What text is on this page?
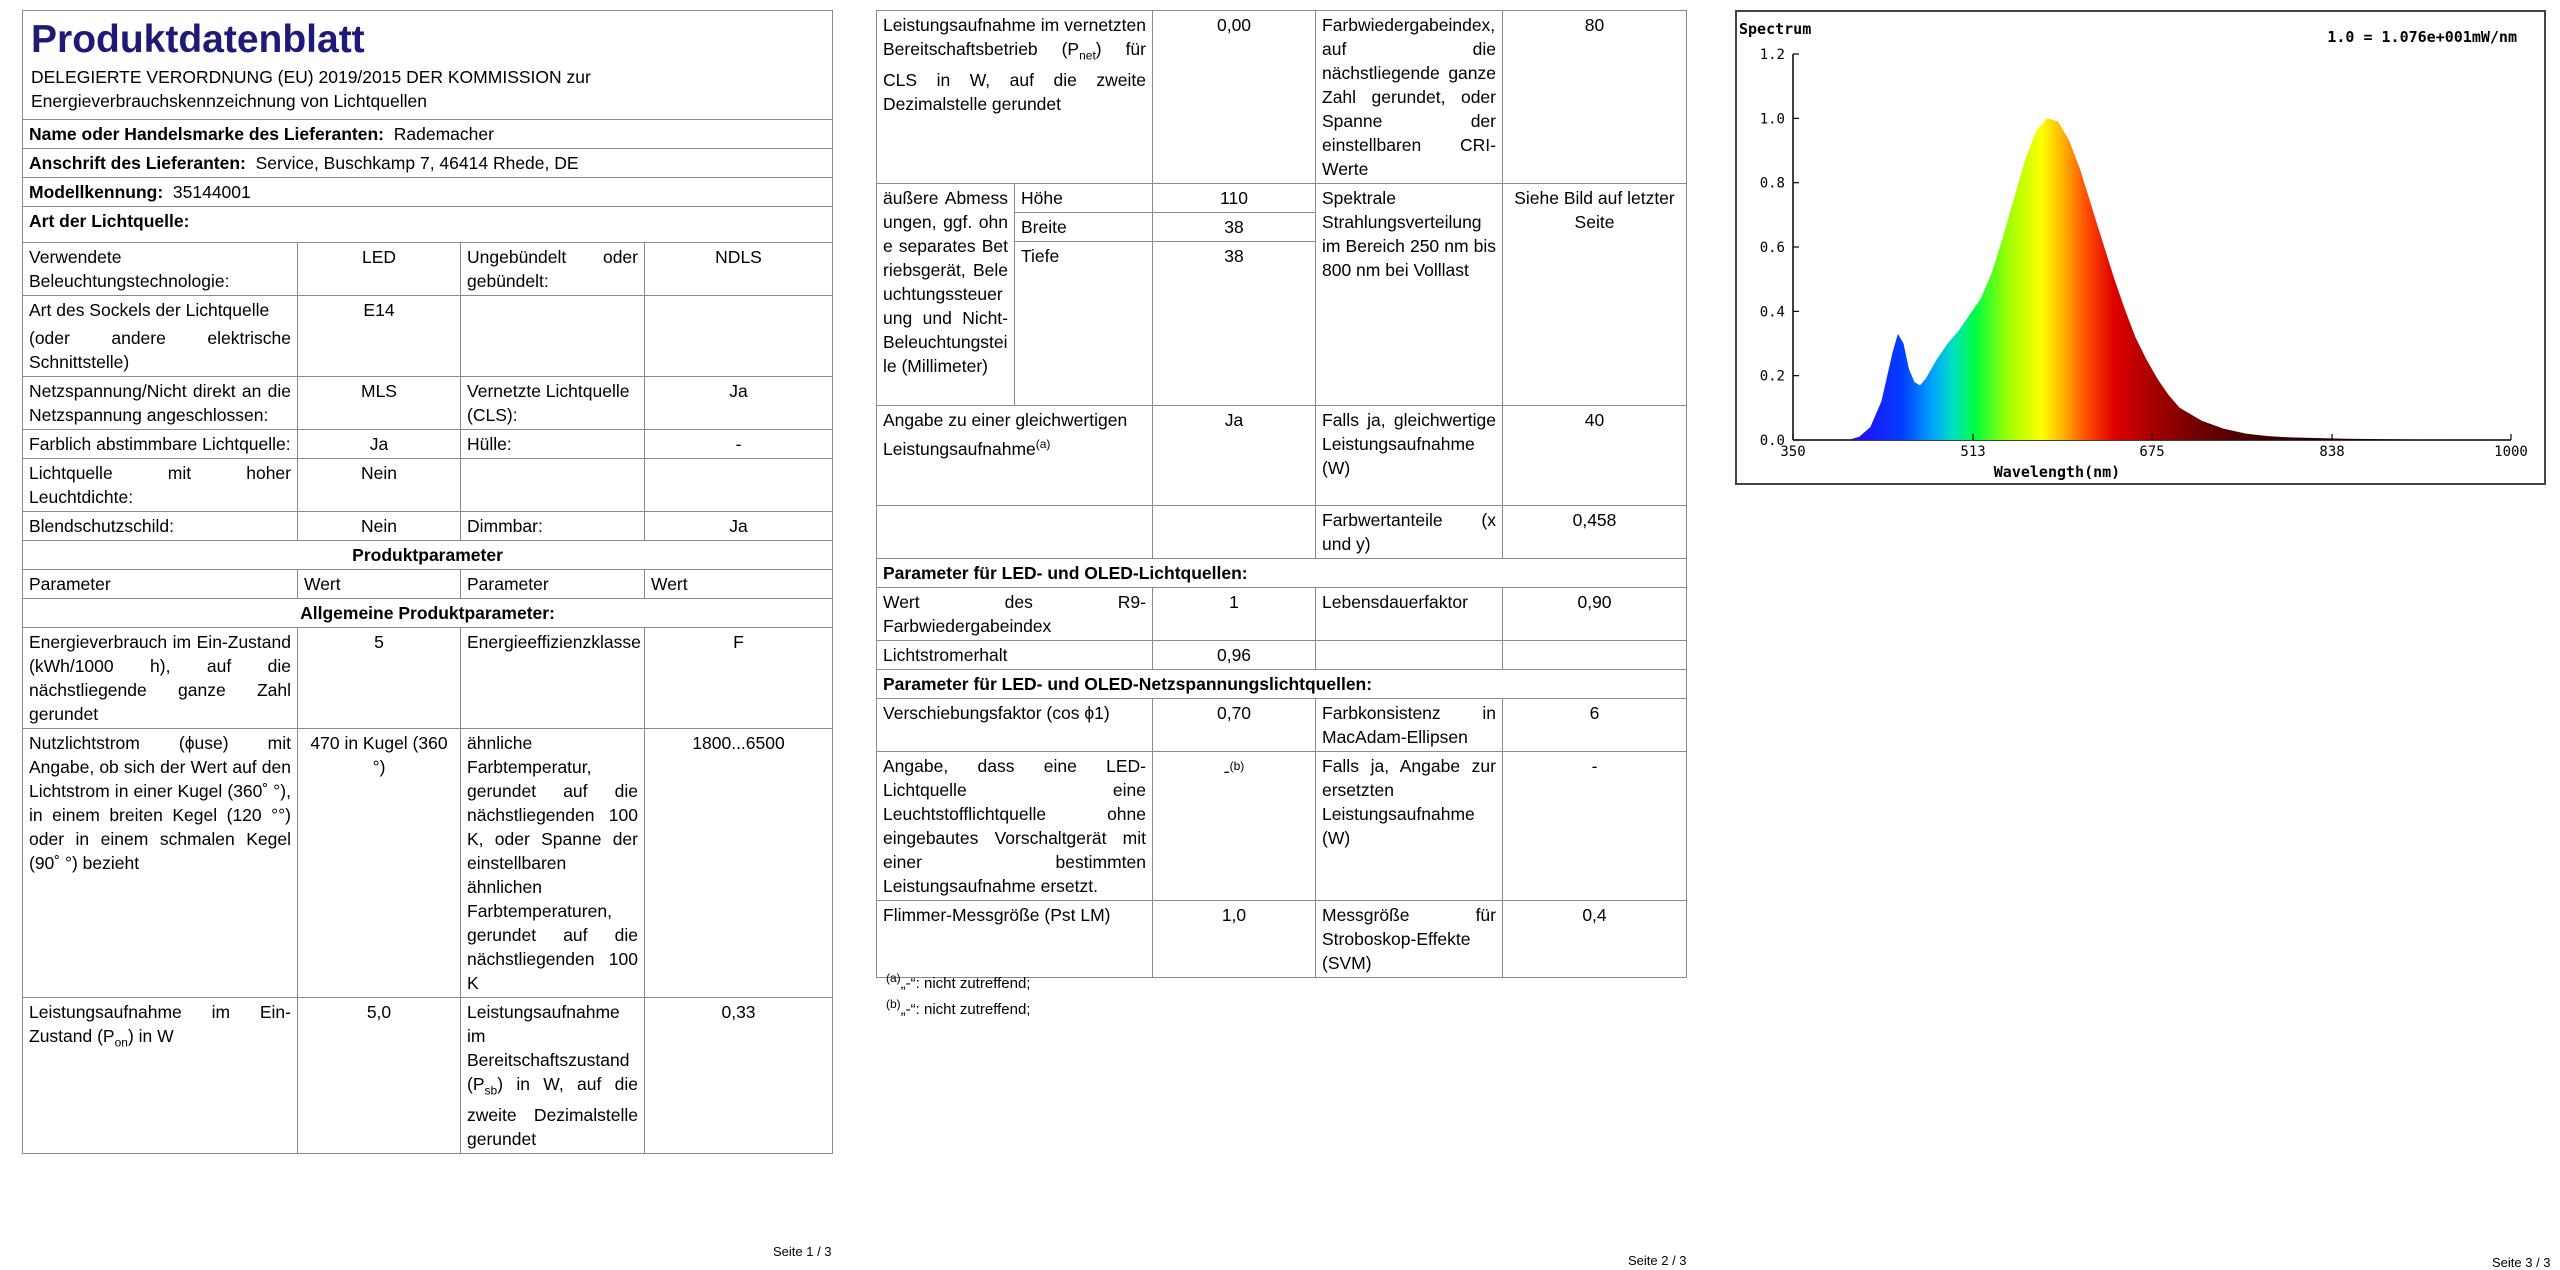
Produktdatenblatt
DELEGIERTE VERORDNUNG (EU) 2019/2015 DER KOMMISSION zur Energieverbrauchskennzeichnung von Lichtquellen			

Name oder Handelsmarke des Lieferanten: Rademacher			
Anschrift des Lieferanten: Service, Buschkamp 7, 46414 Rhede, DE			
Modellkennung: 35144001			
Art der Lichtquelle:			
Verwendete Beleuchtungstechnologie:	LED	Ungebündelt oder gebündelt:	NDLS

Art des Sockels der Lichtquelle
(oder andere elektrische Schnittstelle)	E14		
Netzspannung/Nicht direkt an die Netzspannung angeschlossen:	MLS	Vernetzte Lichtquelle (CLS):	Ja
Farblich abstimmbare Lichtquelle:	Ja	Hülle:	-
Lichtquelle mit hoher Leuchtdichte:	Nein		
Blendschutzschild:	Nein	Dimmbar:	Ja
Produktparameter			
Parameter	Wert	Parameter	Wert
Allgemeine Produktparameter:			
Energieverbrauch im Ein-Zustand (kWh/1000 h), auf die nächstliegende ganze Zahl gerundet	5	Energieeffizienzklasse	F
Nutzlichtstrom (ϕuse) mit Angabe, ob sich der Wert auf den Lichtstrom in einer Kugel (360˚ °), in einem breiten Kegel (120 °°) oder in einem schmalen Kegel (90˚ °) bezieht	470 in Kugel (360 °)	ähnliche Farbtemperatur, gerundet auf die nächstliegenden 100 K, oder Spanne der einstellbaren ähnlichen Farbtemperaturen, gerundet auf die nächstliegenden 100 K	1800...6500
Leistungsaufnahme im Ein-Zustand $(P_{on})$ in W	5,0	Leistungsaufnahme im Bereitschaftszustand $(P_{sb})$ in W, auf die zweite Dezimalstelle gerundet	0,33
Seite 1 / 3
Leistungsaufnahme im vernetzten Bereitschaftsbetrieb $(P_{net})$ für CLS in W, auf die zweite Dezimalstelle gerundet		0,00	Farbwiedergabeindex, auf die nächstliegende ganze Zahl gerundet, oder Spanne der einstellbaren CRI-Werte	80
äußere Abmessungen, ggf. ohne separates Betriebsgerät, Beleuchtungssteuerung und Nicht-Beleuchtungsteile (Millimeter)	Höhe	110	Spektrale Strahlungsverteilung im Bereich 250 nm bis 800 nm bei Volllast	Siehe Bild auf letzter Seite
	Breite	38		
	Tiefe	38		
Angabe zu einer gleichwertigen Leistungsaufnahme$^{(a)}$		Ja	Falls ja, gleichwertige Leistungsaufnahme (W)	40
			Farbwertanteile (x und y)	0,458
Parameter für LED- und OLED-Lichtquellen:				
Wert des R9-Farbwiedergabeindex		1	Lebensdauerfaktor	0,90
Lichtstromerhalt		0,96		
Parameter für LED- und OLED-Netzspannungslichtquellen:				
Verschiebungsfaktor (cos ϕ1)		0,70	Farbkonsistenz in MacAdam-Ellipsen	6
Angabe, dass eine LED-Lichtquelle eine Leuchtstofflichtquelle ohne eingebautes Vorschaltgerät mit einer bestimmten Leistungsaufnahme ersetzt.		-$^{(b)}$	Falls ja, Angabe zur ersetzten Leistungsaufnahme (W)	-
Flimmer-Messgröße (Pst LM)		1,0	Messgröße für Stroboskop-Effekte (SVM)	0,4
$^{(a)}$„-“: nicht zutreffend;
$^{(b)}$„-“: nicht zutreffend;
Seite 2 / 3
Spectrum	1.0 = 1.076e+001mW/nm
Wavelength(nm)
0.0
0.2
0.4
0.6
0.8
1.0
1.2
350	513	675	838	1000
Seite 3 / 3
